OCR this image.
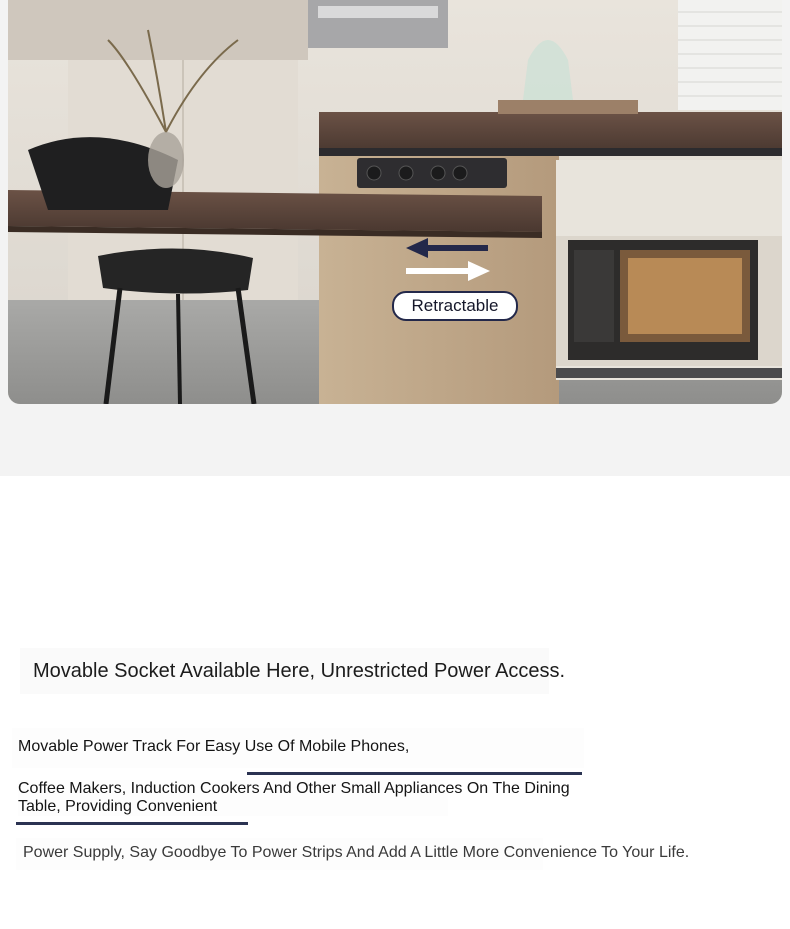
Retractable
Movable Socket Available Here, Unrestricted Power Access.
Movable Power Track For Easy Use Of Mobile Phones,
Coffee Makers, Induction Cookers And Other Small Appliances On The Dining
Table, Providing Convenient
Power Supply, Say Goodbye To Power Strips And Add A Little More Convenience To Your Life.
